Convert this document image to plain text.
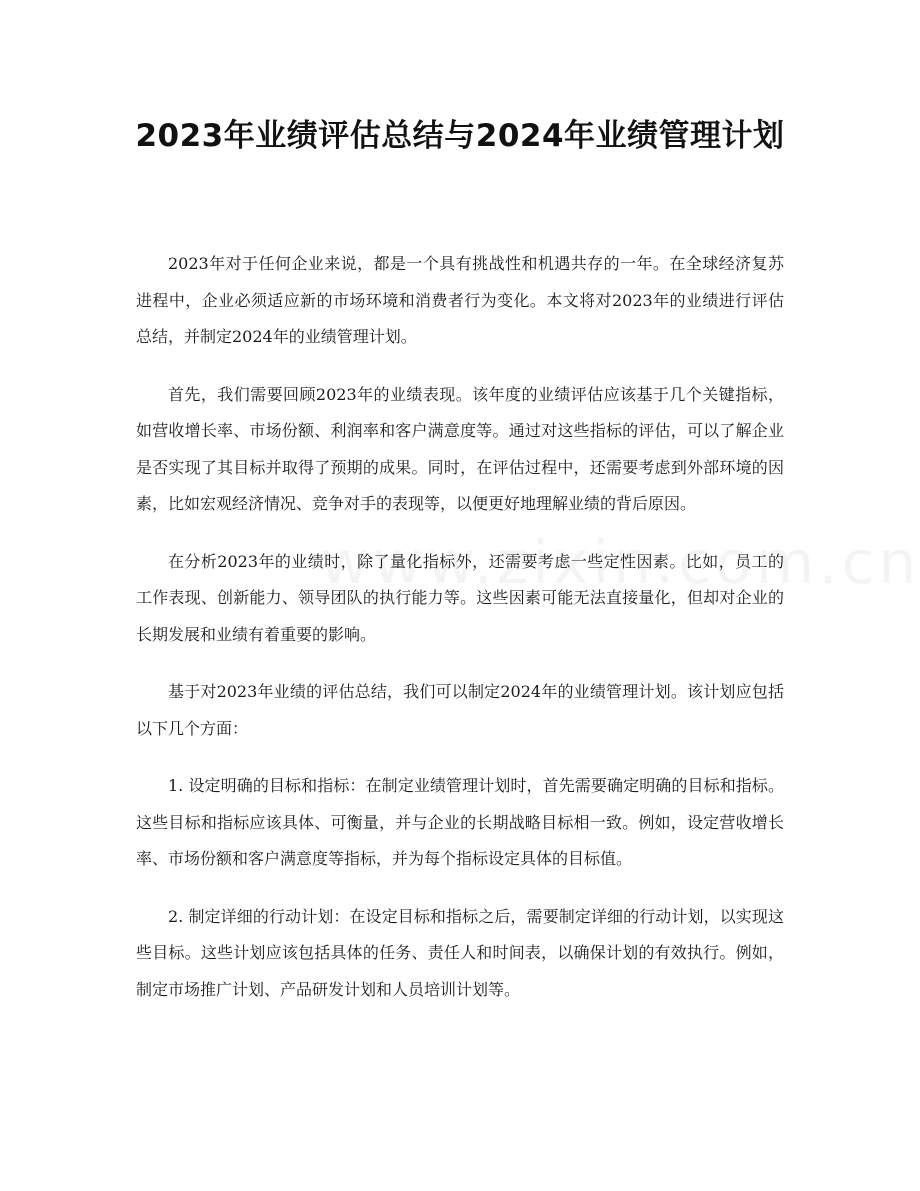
2023年业绩评估总结与2024年业绩管理计划

2023年对于任何企业来说，都是一个具有挑战性和机遇共存的一年。在全球经济复苏进程中，企业必须适应新的市场环境和消费者行为变化。本文将对2023年的业绩进行评估总结，并制定2024年的业绩管理计划。

首先，我们需要回顾2023年的业绩表现。该年度的业绩评估应该基于几个关键指标，如营收增长率、市场份额、利润率和客户满意度等。通过对这些指标的评估，可以了解企业是否实现了其目标并取得了预期的成果。同时，在评估过程中，还需要考虑到外部环境的因素，比如宏观经济情况、竞争对手的表现等，以便更好地理解业绩的背后原因。

在分析2023年的业绩时，除了量化指标外，还需要考虑一些定性因素。比如，员工的工作表现、创新能力、领导团队的执行能力等。这些因素可能无法直接量化，但却对企业的长期发展和业绩有着重要的影响。

基于对2023年业绩的评估总结，我们可以制定2024年的业绩管理计划。该计划应包括以下几个方面：

1. 设定明确的目标和指标：在制定业绩管理计划时，首先需要确定明确的目标和指标。这些目标和指标应该具体、可衡量，并与企业的长期战略目标相一致。例如，设定营收增长率、市场份额和客户满意度等指标，并为每个指标设定具体的目标值。

2. 制定详细的行动计划：在设定目标和指标之后，需要制定详细的行动计划，以实现这些目标。这些计划应该包括具体的任务、责任人和时间表，以确保计划的有效执行。例如，制定市场推广计划、产品研发计划和人员培训计划等。
